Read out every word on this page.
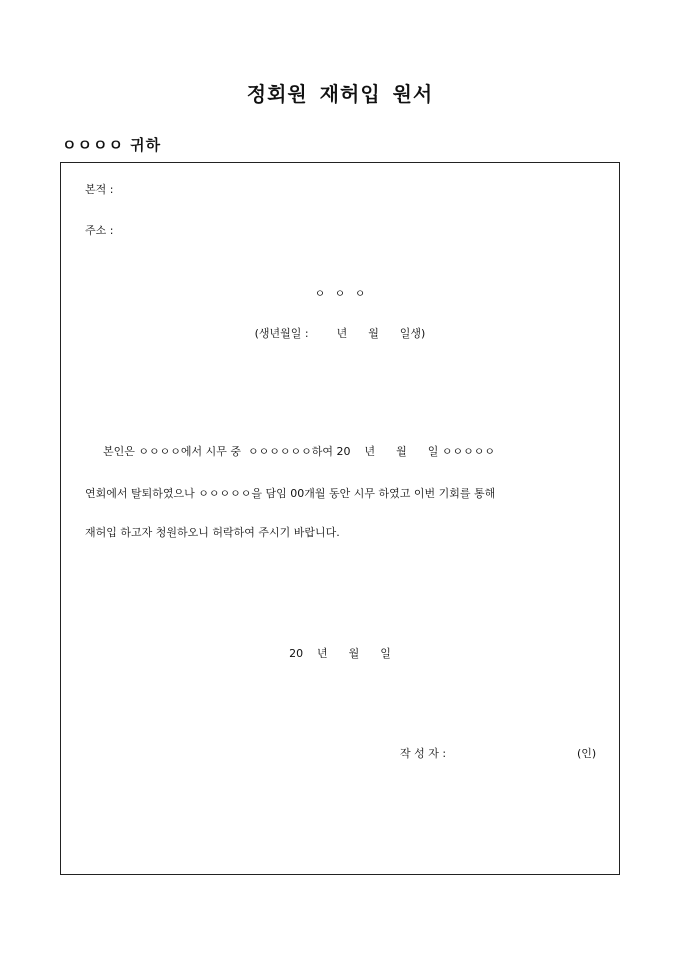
정회원 재허입 원서
ㅇㅇㅇㅇ 귀하
본적 :
주소 :
ㅇ ㅇ ㅇ
(생년월일 :        년      월      일생)
본인은 ㅇㅇㅇㅇ에서 시무 중  ㅇㅇㅇㅇㅇㅇ하여 20    년      월      일 ㅇㅇㅇㅇㅇ
연회에서 탈퇴하였으나 ㅇㅇㅇㅇㅇ을 담임 00개월 동안 시무 하였고 이번 기회를 통해
재허입 하고자 청원하오니 허락하여 주시기 바랍니다.
20    년      월      일
작 성 자 :	(인)
